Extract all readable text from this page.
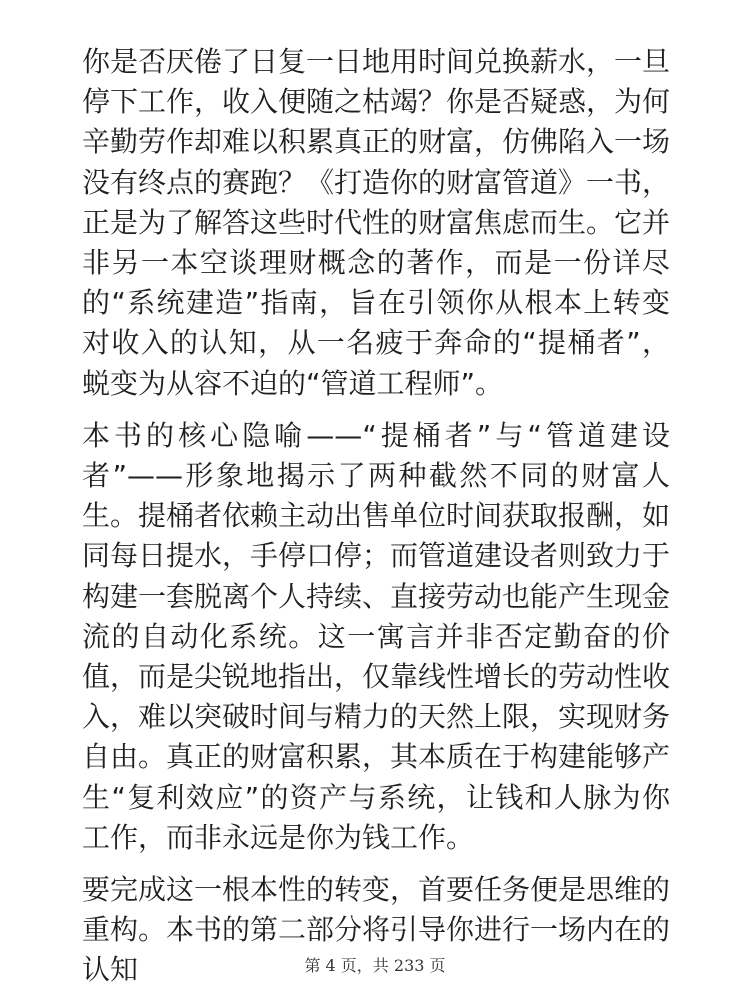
你是否厌倦了日复一日地用时间兑换薪水，一旦停下工作，收入便随之枯竭？你是否疑惑，为何辛勤劳作却难以积累真正的财富，仿佛陷入一场没有终点的赛跑？《打造你的财富管道》一书，正是为了解答这些时代性的财富焦虑而生。它并非另一本空谈理财概念的著作，而是一份详尽的“系统建造”指南，旨在引领你从根本上转变对收入的认知，从一名疲于奔命的“提桶者”，蜕变为从容不迫的“管道工程师”。

本书的核心隐喻——“提桶者”与“管道建设者”——形象地揭示了两种截然不同的财富人生。提桶者依赖主动出售单位时间获取报酬，如同每日提水，手停口停；而管道建设者则致力于构建一套脱离个人持续、直接劳动也能产生现金流的自动化系统。这一寓言并非否定勤奋的价值，而是尖锐地指出，仅靠线性增长的劳动性收入，难以突破时间与精力的天然上限，实现财务自由。真正的财富积累，其本质在于构建能够产生“复利效应”的资产与系统，让钱和人脉为你工作，而非永远是你为钱工作。

要完成这一根本性的转变，首要任务便是思维的重构。本书的第二部分将引导你进行一场内在的认知	第 4 页，共 233 页
